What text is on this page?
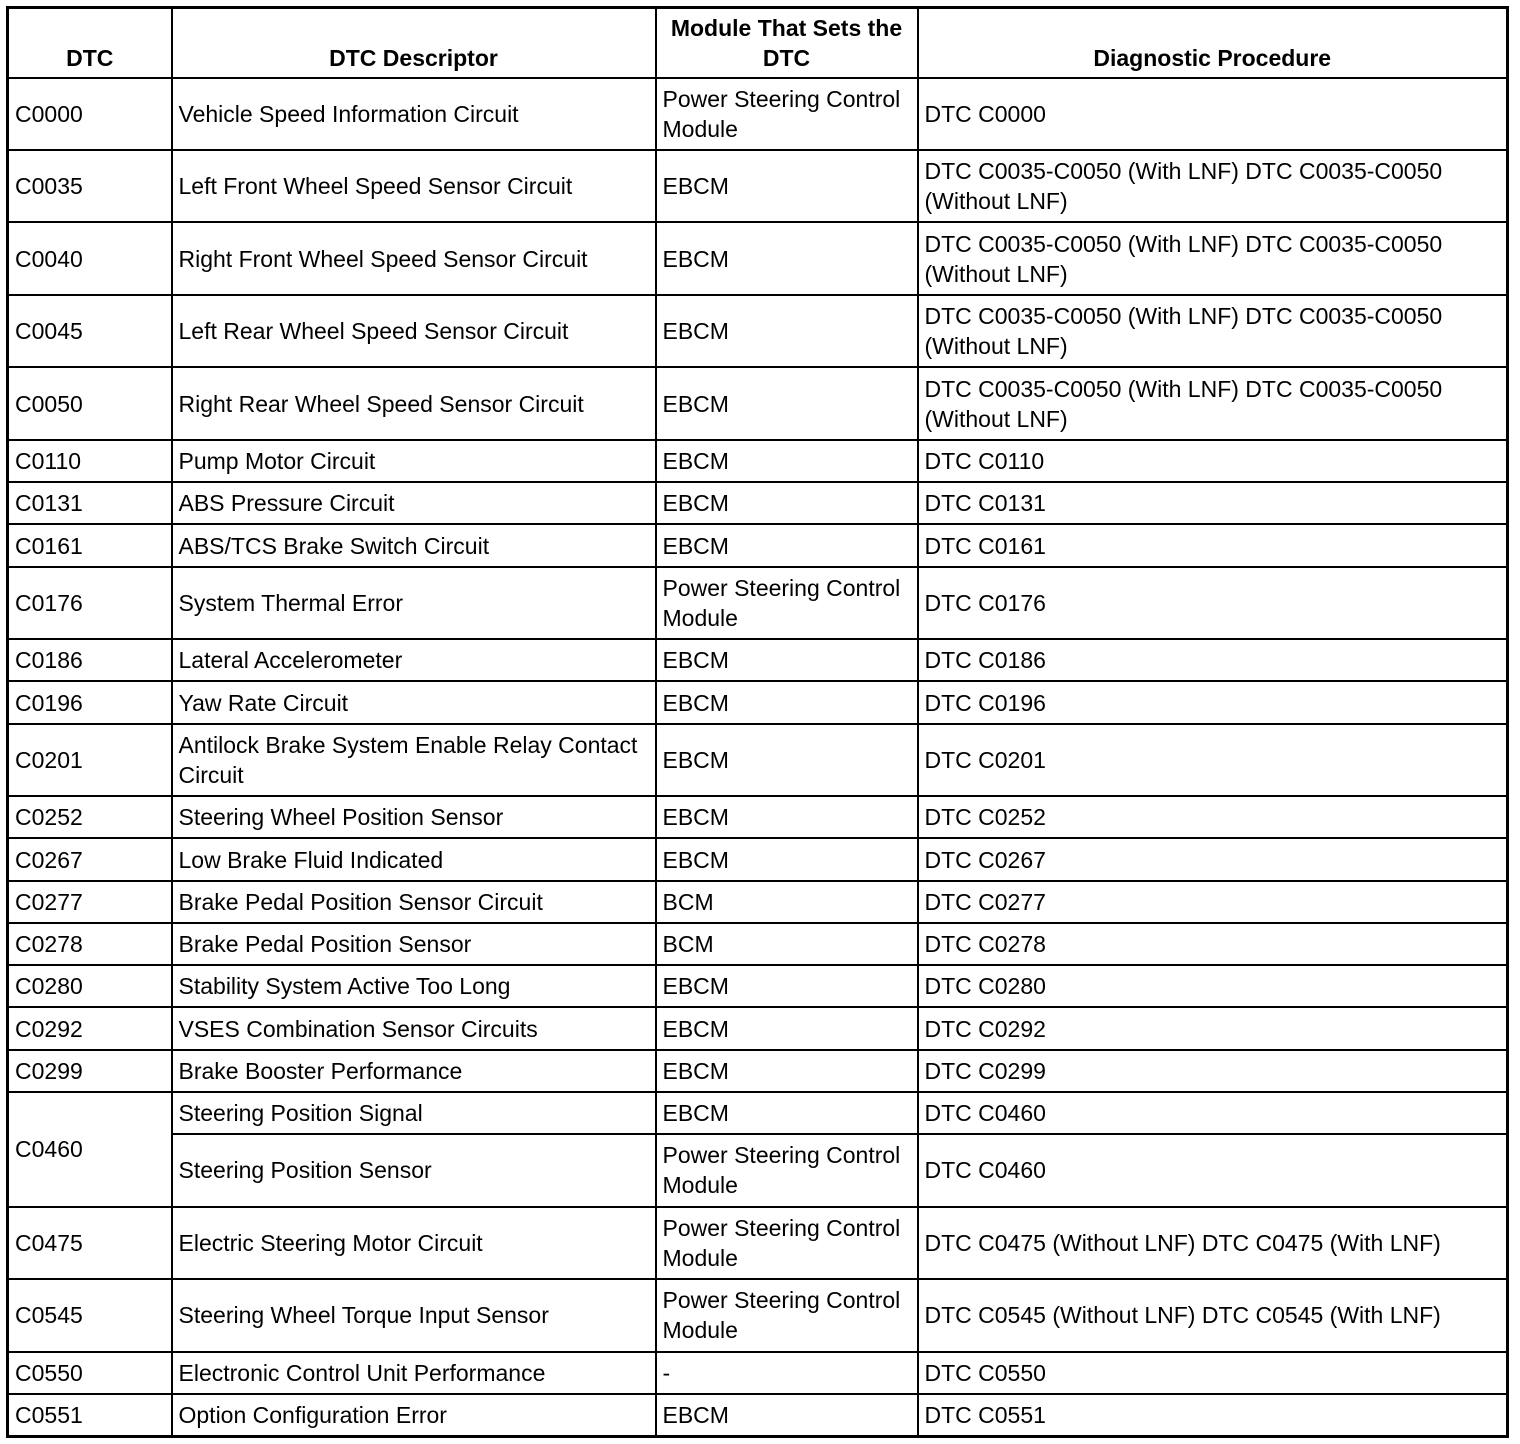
DTC	DTC Descriptor	Module That Sets the DTC	Diagnostic Procedure
C0000	Vehicle Speed Information Circuit	Power Steering Control Module	DTC C0000
C0035	Left Front Wheel Speed Sensor Circuit	EBCM	DTC C0035-C0050 (With LNF) DTC C0035-C0050 (Without LNF)
C0040	Right Front Wheel Speed Sensor Circuit	EBCM	DTC C0035-C0050 (With LNF) DTC C0035-C0050 (Without LNF)
C0045	Left Rear Wheel Speed Sensor Circuit	EBCM	DTC C0035-C0050 (With LNF) DTC C0035-C0050 (Without LNF)
C0050	Right Rear Wheel Speed Sensor Circuit	EBCM	DTC C0035-C0050 (With LNF) DTC C0035-C0050 (Without LNF)
C0110	Pump Motor Circuit	EBCM	DTC C0110
C0131	ABS Pressure Circuit	EBCM	DTC C0131
C0161	ABS/TCS Brake Switch Circuit	EBCM	DTC C0161
C0176	System Thermal Error	Power Steering Control Module	DTC C0176
C0186	Lateral Accelerometer	EBCM	DTC C0186
C0196	Yaw Rate Circuit	EBCM	DTC C0196
C0201	Antilock Brake System Enable Relay Contact Circuit	EBCM	DTC C0201
C0252	Steering Wheel Position Sensor	EBCM	DTC C0252
C0267	Low Brake Fluid Indicated	EBCM	DTC C0267
C0277	Brake Pedal Position Sensor Circuit	BCM	DTC C0277
C0278	Brake Pedal Position Sensor	BCM	DTC C0278
C0280	Stability System Active Too Long	EBCM	DTC C0280
C0292	VSES Combination Sensor Circuits	EBCM	DTC C0292
C0299	Brake Booster Performance	EBCM	DTC C0299
C0460	Steering Position Signal	EBCM	DTC C0460
	Steering Position Sensor	Power Steering Control Module	DTC C0460
C0475	Electric Steering Motor Circuit	Power Steering Control Module	DTC C0475 (Without LNF) DTC C0475 (With LNF)
C0545	Steering Wheel Torque Input Sensor	Power Steering Control Module	DTC C0545 (Without LNF) DTC C0545 (With LNF)
C0550	Electronic Control Unit Performance	-	DTC C0550
C0551	Option Configuration Error	EBCM	DTC C0551
